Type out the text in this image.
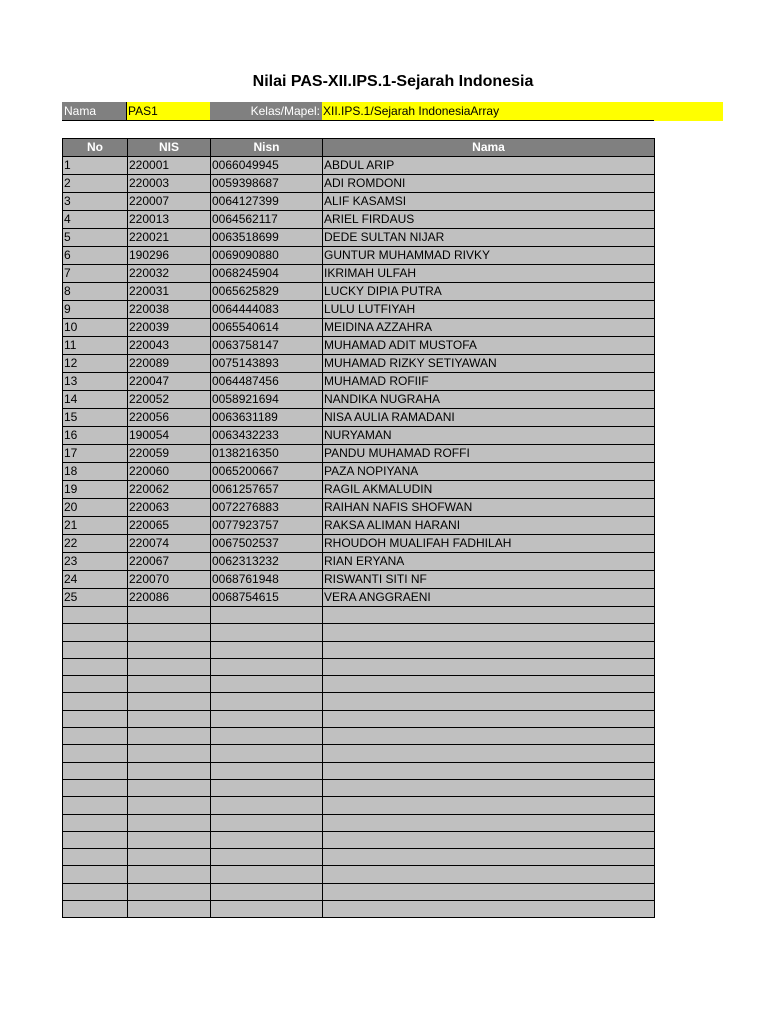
Nilai PAS-XII.IPS.1-Sejarah Indonesia
Nama	PAS1	Kelas/Mapel: XII.IPS.1/Sejarah IndonesiaArray
No	NIS	Nisn	Nama
1	220001	0066049945	ABDUL ARIP
2	220003	0059398687	ADI ROMDONI
3	220007	0064127399	ALIF KASAMSI
4	220013	0064562117	ARIEL FIRDAUS
5	220021	0063518699	DEDE SULTAN NIJAR
6	190296	0069090880	GUNTUR MUHAMMAD RIVKY
7	220032	0068245904	IKRIMAH ULFAH
8	220031	0065625829	LUCKY DIPIA PUTRA
9	220038	0064444083	LULU LUTFIYAH
10	220039	0065540614	MEIDINA AZZAHRA
11	220043	0063758147	MUHAMAD ADIT MUSTOFA
12	220089	0075143893	MUHAMAD RIZKY SETIYAWAN
13	220047	0064487456	MUHAMAD ROFIIF
14	220052	0058921694	NANDIKA NUGRAHA
15	220056	0063631189	NISA AULIA RAMADANI
16	190054	0063432233	NURYAMAN
17	220059	0138216350	PANDU MUHAMAD ROFFI
18	220060	0065200667	PAZA NOPIYANA
19	220062	0061257657	RAGIL AKMALUDIN
20	220063	0072276883	RAIHAN NAFIS SHOFWAN
21	220065	0077923757	RAKSA ALIMAN HARANI
22	220074	0067502537	RHOUDOH MUALIFAH FADHILAH
23	220067	0062313232	RIAN ERYANA
24	220070	0068761948	RISWANTI SITI NF
25	220086	0068754615	VERA ANGGRAENI
